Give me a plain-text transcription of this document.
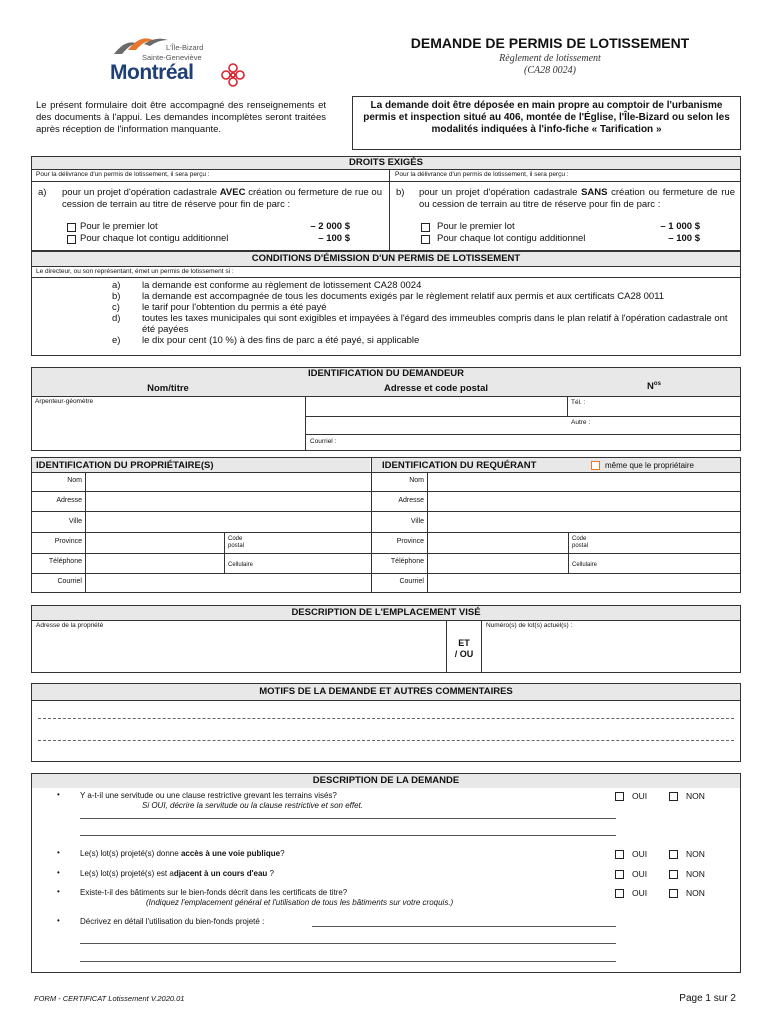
L'Île-Bizard
Sainte-Geneviève
Montréal
DEMANDE DE PERMIS DE LOTISSEMENT
Règlement de lotissement
(CA28 0024)
Le présent formulaire doit être accompagné des renseignements et des documents à l'appui. Les demandes incomplètes seront traitées après réception de l'information manquante.
La demande doit être déposée en main propre au comptoir de l'urbanisme permis et inspection situé au 406, montée de l'Église, l'Île-Bizard ou selon les modalités indiquées à l'info-fiche « Tarification »
DROITS EXIGÉS
Pour la délivrance d'un permis de lotissement, il sera perçu :	Pour la délivrance d'un permis de lotissement, il sera perçu :
a) pour un projet d'opération cadastrale AVEC création ou fermeture de rue ou cession de terrain au titre de réserve pour fin de parc :
Pour le premier lot	– 2 000 $
Pour chaque lot contigu additionnel	– 100 $
b) pour un projet d'opération cadastrale SANS création ou fermeture de rue ou cession de terrain au titre de réserve pour fin de parc :
Pour le premier lot	– 1 000 $
Pour chaque lot contigu additionnel	– 100 $
CONDITIONS D'ÉMISSION D'UN PERMIS DE LOTISSEMENT
Le directeur, ou son représentant, émet un permis de lotissement si :
a)	la demande est conforme au règlement de lotissement CA28 0024
b)	la demande est accompagnée de tous les documents exigés par le règlement relatif aux permis et aux certificats CA28 0011
c)	le tarif pour l'obtention du permis a été payé
d)	toutes les taxes municipales qui sont exigibles et impayées à l'égard des immeubles compris dans le plan relatif à l'opération cadastrale ont été payées
e)	le dix pour cent (10 %) à des fins de parc a été payé, si applicable
IDENTIFICATION DU DEMANDEUR
Nom/titre	Adresse et code postal	$N^{os}$
Arpenteur-géomètre	Tél. :
Autre :
Courriel :
IDENTIFICATION DU PROPRIÉTAIRE(S)	IDENTIFICATION DU REQUÉRANT	même que le propriétaire
Nom
Adresse
Ville
Province	Code postal
Téléphone	Cellulaire
Courriel
Nom
Adresse
Ville
Province	Code postal
Téléphone	Cellulaire
Courriel
DESCRIPTION DE L'EMPLACEMENT VISÉ
Adresse de la propriété
ET
/ OU
Numéro(s) de lot(s) actuel(s) :
MOTIFS DE LA DEMANDE ET AUTRES COMMENTAIRES
DESCRIPTION DE LA DEMANDE
•	Y a-t-il une servitude ou une clause restrictive grevant les terrains visés?
Si OUI, décrire la servitude ou la clause restrictive et son effet.
OUI	NON
•	Le(s) lot(s) projeté(s) donne accès à une voie publique?	OUI	NON
•	Le(s) lot(s) projeté(s) est adjacent à un cours d'eau ?	OUI	NON
•	Existe-t-il des bâtiments sur le bien-fonds décrit dans les certificats de titre?
(Indiquez l'emplacement général et l'utilisation de tous les bâtiments sur votre croquis.)
OUI	NON
•	Décrivez en détail l'utilisation du bien-fonds projeté :
FORM - CERTIFICAT Lotissement V.2020.01	Page 1 sur 2
